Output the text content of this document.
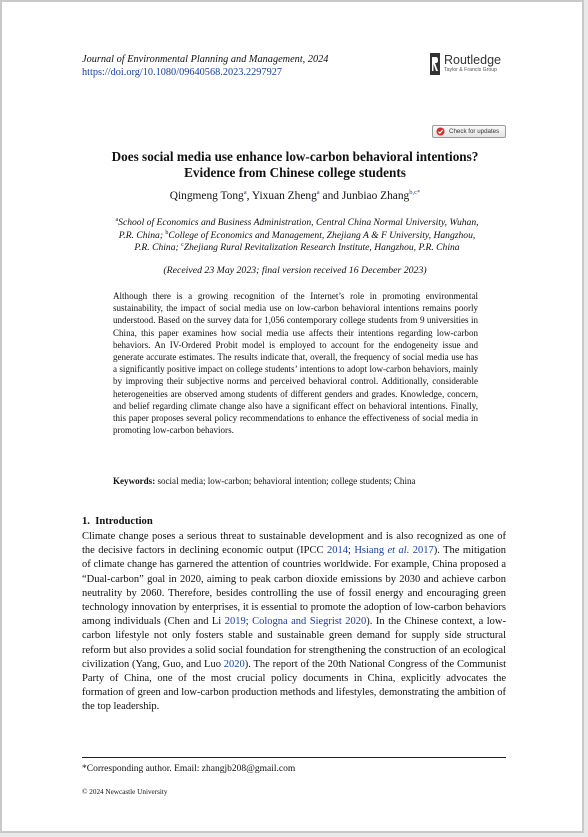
Journal of Environmental Planning and Management, 2024
https://doi.org/10.1080/09640568.2023.2297927
Routledge
Taylor & Francis Group
Check for updates
Does social media use enhance low-carbon behavioral intentions?
Evidence from Chinese college students
Qingmeng Tong$^a$, Yixuan Zheng$^a$ and Junbiao Zhang$^{b,c*}$
$^a$School of Economics and Business Administration, Central China Normal University, Wuhan,
P.R. China; $^b$College of Economics and Management, Zhejiang A & F University, Hangzhou,
P.R. China; $^c$Zhejiang Rural Revitalization Research Institute, Hangzhou, P.R. China
(Received 23 May 2023; final version received 16 December 2023)
Although there is a growing recognition of the Internet’s role in promoting environmental sustainability, the impact of social media use on low-carbon behavioral intentions remains poorly understood. Based on the survey data for 1,056 contemporary college students from 9 universities in China, this paper examines how social media use affects their intentions regarding low-carbon behaviors. An IV-Ordered Probit model is employed to account for the endogeneity issue and generate accurate estimates. The results indicate that, overall, the frequency of social media use has a significantly positive impact on college students’ intentions to adopt low-carbon behaviors, mainly by improving their subjective norms and perceived behavioral control. Additionally, considerable heterogeneities are observed among students of different genders and grades. Knowledge, concern, and belief regarding climate change also have a significant effect on behavioral intentions. Finally, this paper proposes several policy recommendations to enhance the effectiveness of social media in promoting low-carbon behaviors.
Keywords: social media; low-carbon; behavioral intention; college students; China
1. Introduction
Climate change poses a serious threat to sustainable development and is also recognized as one of the decisive factors in declining economic output (IPCC 2014; Hsiang et al. 2017). The mitigation of climate change has garnered the attention of countries worldwide. For example, China proposed a “Dual-carbon” goal in 2020, aiming to peak carbon dioxide emissions by 2030 and achieve carbon neutrality by 2060. Therefore, besides controlling the use of fossil energy and encouraging green technology innovation by enterprises, it is essential to promote the adoption of low-carbon behaviors among individuals (Chen and Li 2019; Cologna and Siegrist 2020). In the Chinese context, a low-carbon lifestyle not only fosters stable and sustainable green demand for supply side structural reform but also provides a solid social foundation for strengthening the construction of an ecological civilization (Yang, Guo, and Luo 2020). The report of the 20th National Congress of the Communist Party of China, one of the most crucial policy documents in China, explicitly advocates the formation of green and low-carbon production methods and lifestyles, demonstrating the ambition of the top leadership.
*Corresponding author. Email: zhangjb208@gmail.com
© 2024 Newcastle University
